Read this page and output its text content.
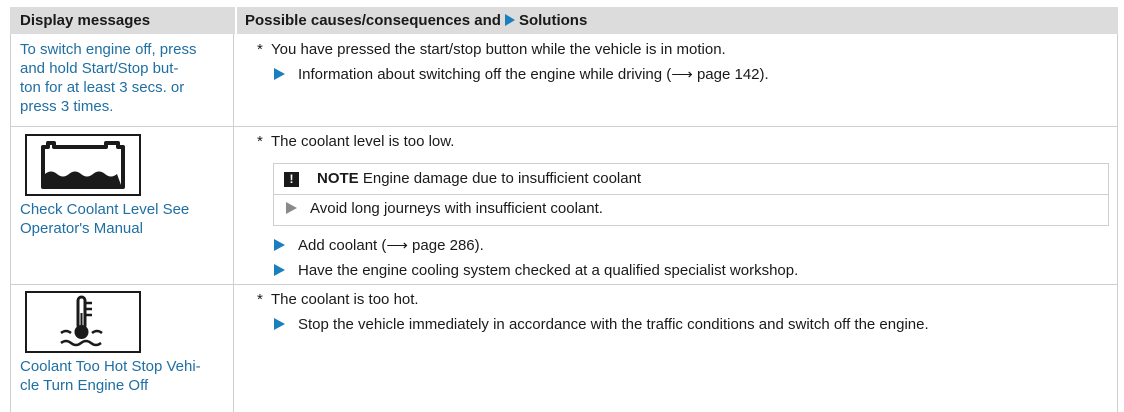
Display messages	Possible causes/consequences and Solutions
To switch engine off, press
and hold Start/Stop but-
ton for at least 3 secs. or
press 3 times.
* You have pressed the start/stop button while the vehicle is in motion.
Information about switching off the engine while driving (⟶ page 142).
Check Coolant Level See
Operator's Manual
* The coolant level is too low.
!	NOTE Engine damage due to insufficient coolant
Avoid long journeys with insufficient coolant.
Add coolant (⟶ page 286).
Have the engine cooling system checked at a qualified specialist workshop.
Coolant Too Hot Stop Vehi-
cle Turn Engine Off
* The coolant is too hot.
Stop the vehicle immediately in accordance with the traffic conditions and switch off the engine.
